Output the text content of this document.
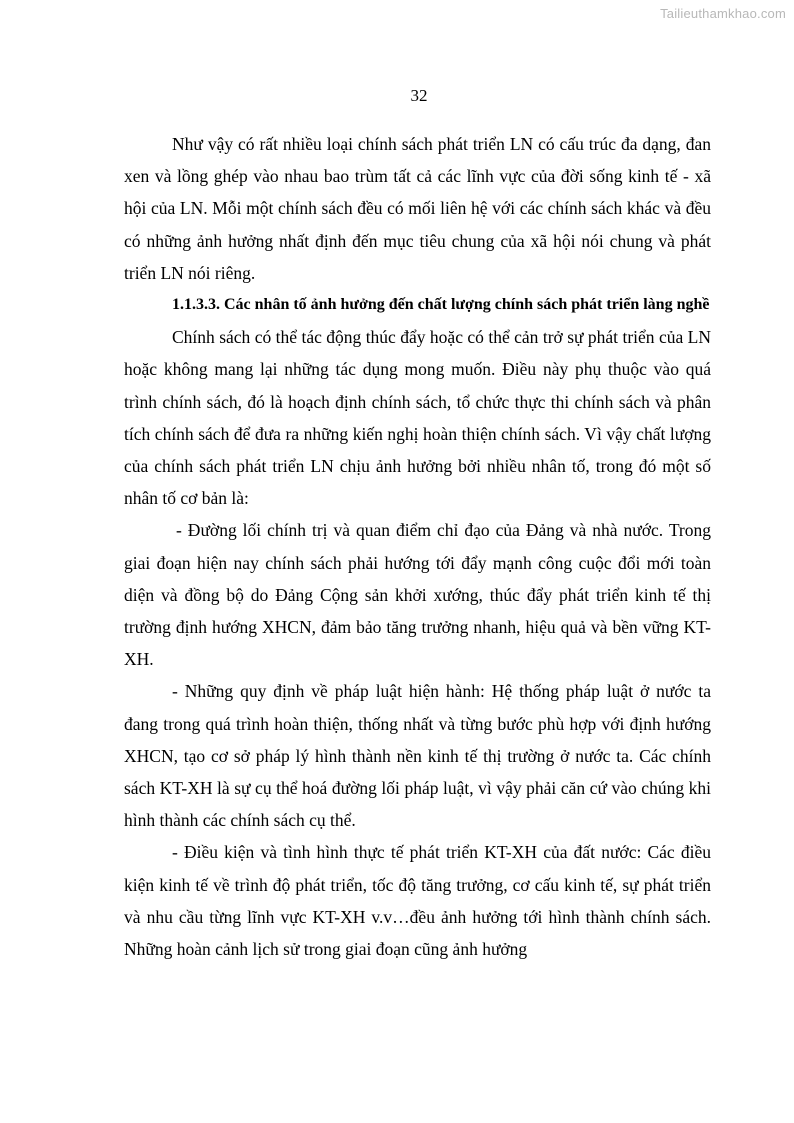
Tailieuthamkhao.com
32

Như vậy có rất nhiều loại chính sách phát triển LN có cấu trúc đa dạng, đan xen và lồng ghép vào nhau bao trùm tất cả các lĩnh vực của đời sống kinh tế - xã hội của LN. Mỗi một chính sách đều có mối liên hệ với các chính sách khác và đều có những ảnh hưởng nhất định đến mục tiêu chung của xã hội nói chung và phát triển LN nói riêng.

1.1.3.3. Các nhân tố ảnh hưởng đến chất lượng chính sách phát triển làng nghề

Chính sách có thể tác động thúc đẩy hoặc có thể cản trở sự phát triển của LN hoặc không mang lại những tác dụng mong muốn. Điều này phụ thuộc vào quá trình chính sách, đó là hoạch định chính sách, tổ chức thực thi chính sách và phân tích chính sách để đưa ra những kiến nghị hoàn thiện chính sách. Vì vậy chất lượng của chính sách phát triển LN chịu ảnh hưởng bởi nhiều nhân tố, trong đó một số nhân tố cơ bản là:

- Đường lối chính trị và quan điểm chỉ đạo của Đảng và nhà nước. Trong giai đoạn hiện nay chính sách phải hướng tới đẩy mạnh công cuộc đổi mới toàn diện và đồng bộ do Đảng Cộng sản khởi xướng, thúc đẩy phát triển kinh tế thị trường định hướng XHCN, đảm bảo tăng trưởng nhanh, hiệu quả và bền vững KT-XH.

- Những quy định về pháp luật hiện hành: Hệ thống pháp luật ở nước ta đang trong quá trình hoàn thiện, thống nhất và từng bước phù hợp với định hướng XHCN, tạo cơ sở pháp lý hình thành nền kinh tế thị trường ở nước ta. Các chính sách KT-XH là sự cụ thể hoá đường lối pháp luật, vì vậy phải căn cứ vào chúng khi hình thành các chính sách cụ thể.

- Điều kiện và tình hình thực tế phát triển KT-XH của đất nước: Các điều kiện kinh tế về trình độ phát triển, tốc độ tăng trưởng, cơ cấu kinh tế, sự phát triển và nhu cầu từng lĩnh vực KT-XH v.v…đều ảnh hưởng tới hình thành chính sách. Những hoàn cảnh lịch sử trong giai đoạn cũng ảnh hưởng
